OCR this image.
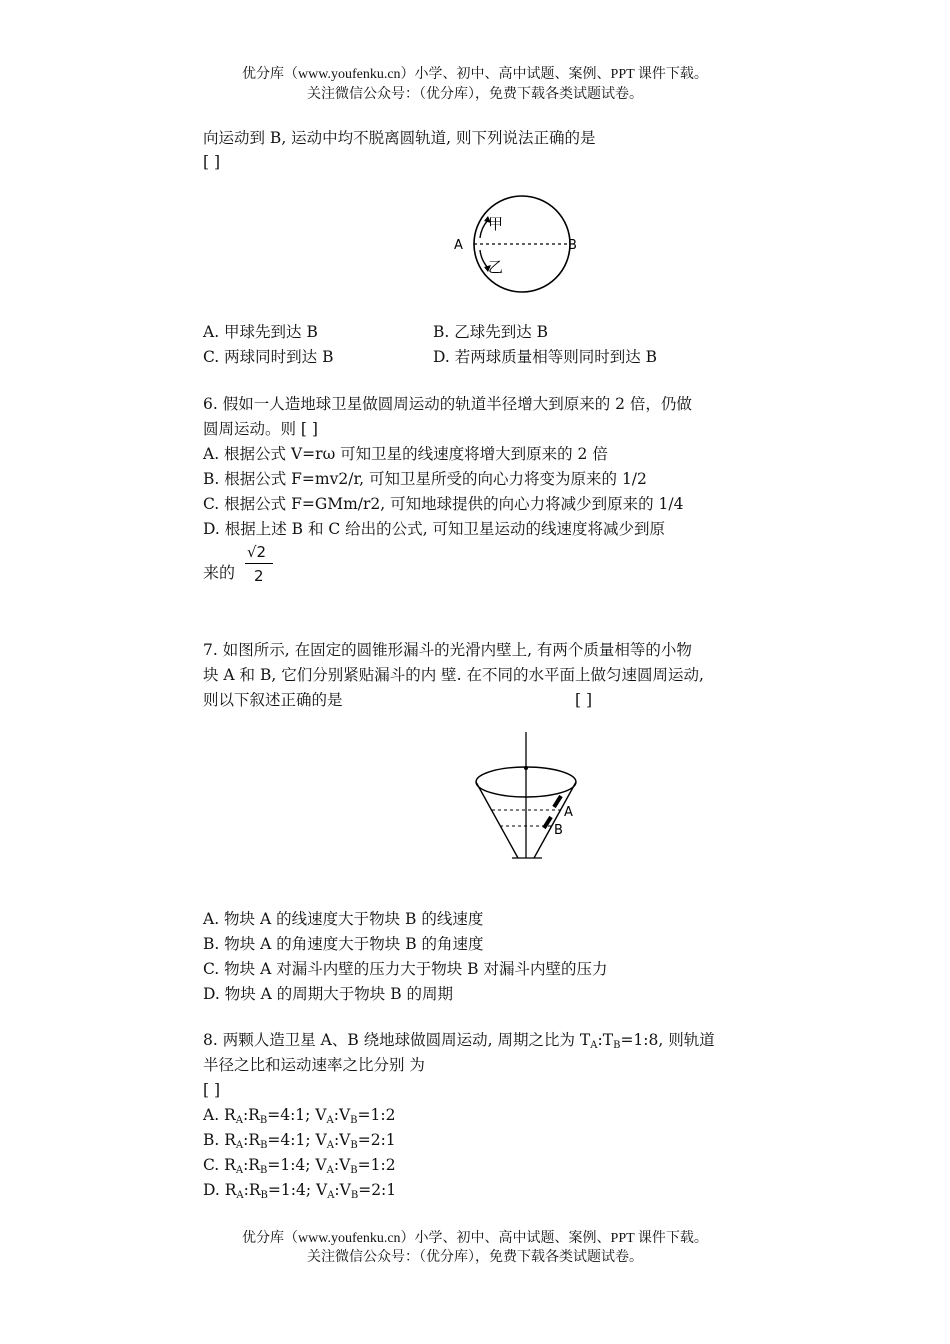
优分库（www.youfenku.cn）小学、初中、高中试题、案例、PPT 课件下载。
关注微信公众号：（优分库），免费下载各类试题试卷。
向运动到 B, 运动中均不脱离圆轨道, 则下列说法正确的是
[ ]
A	B
甲
乙
A. 甲球先到达 B	B. 乙球先到达 B
C. 两球同时到达 B	D. 若两球质量相等则同时到达 B
6. 假如一人造地球卫星做圆周运动的轨道半径增大到原来的 2 倍，仍做
圆周运动。则 [ ]
A. 根据公式 V=rω 可知卫星的线速度将增大到原来的 2 倍
B. 根据公式 F=mv2/r, 可知卫星所受的向心力将变为原来的 1/2
C. 根据公式 F=GMm/r2, 可知地球提供的向心力将减少到原来的 1/4
D. 根据上述 B 和 C 给出的公式, 可知卫星运动的线速度将减少到原
来的
√2
2
7. 如图所示, 在固定的圆锥形漏斗的光滑内壁上, 有两个质量相等的小物
块 A 和 B, 它们分别紧贴漏斗的内 壁. 在不同的水平面上做匀速圆周运动,
则以下叙述正确的是	[ ]
A
B
A. 物块 A 的线速度大于物块 B 的线速度
B. 物块 A 的角速度大于物块 B 的角速度
C. 物块 A 对漏斗内壁的压力大于物块 B 对漏斗内壁的压力
D. 物块 A 的周期大于物块 B 的周期
8. 两颗人造卫星 A、B 绕地球做圆周运动, 周期之比为 $T_A:T_B=1:8$, 则轨道
半径之比和运动速率之比分别 为
[ ]
A. $R_A:R_B=4:1$; $V_A:V_B=1:2$
B. $R_A:R_B=4:1$; $V_A:V_B=2:1$
C. $R_A:R_B=1:4$; $V_A:V_B=1:2$
D. $R_A:R_B=1:4$; $V_A:V_B=2:1$
优分库（www.youfenku.cn）小学、初中、高中试题、案例、PPT 课件下载。
关注微信公众号：（优分库），免费下载各类试题试卷。
